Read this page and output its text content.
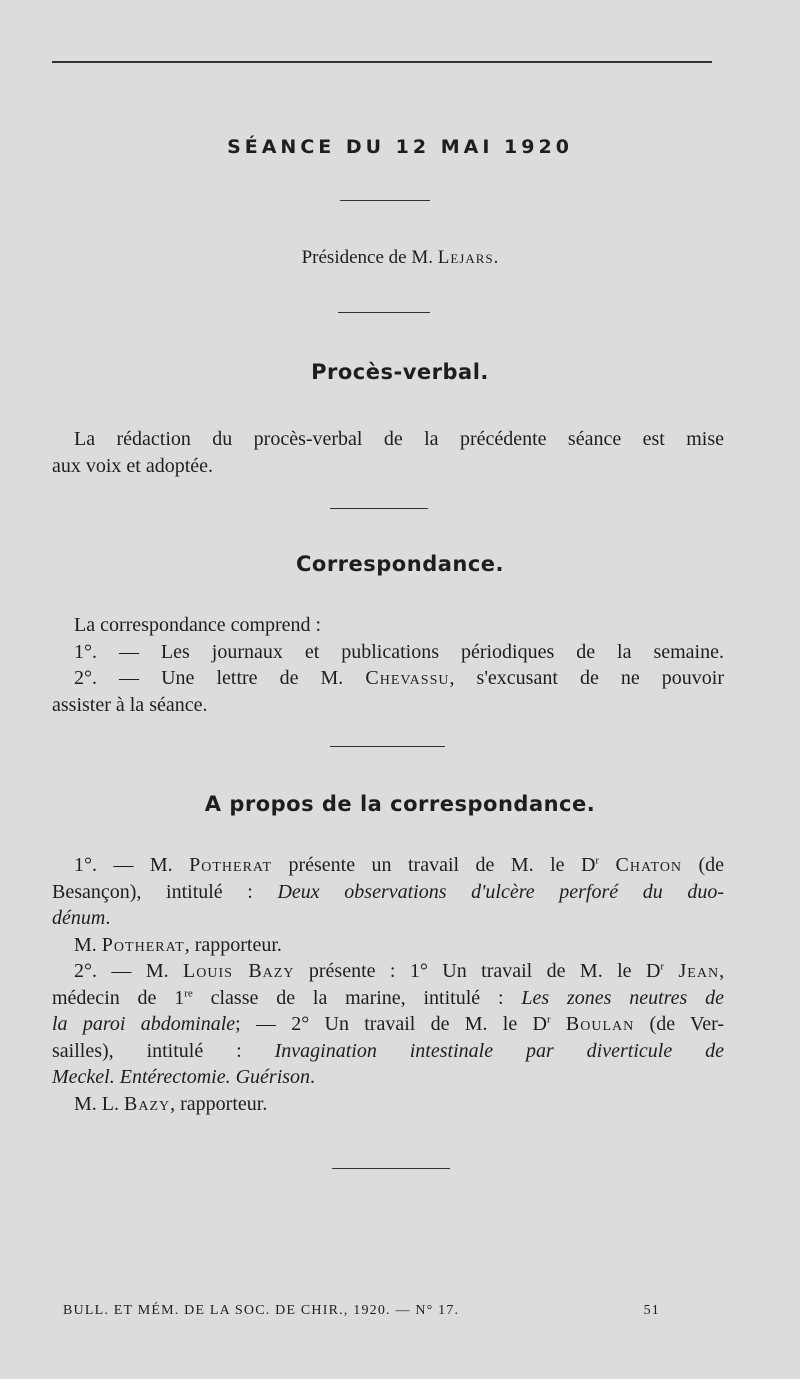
SÉANCE DU 12 MAI 1920
Présidence de M. Lejars.
Procès-verbal.
La rédaction du procès-verbal de la précédente séance est mise
aux voix et adoptée.
Correspondance.
La correspondance comprend :
1°. — Les journaux et publications périodiques de la semaine.
2°. — Une lettre de M. Chevassu, s'excusant de ne pouvoir
assister à la séance.
A propos de la correspondance.
1°. — M. Potherat présente un travail de M. le $D^r$ Chaton (de
Besançon), intitulé : Deux observations d'ulcère perforé du duo-
dénum.
M. Potherat, rapporteur.
2°. — M. Louis Bazy présente : 1° Un travail de M. le $D^r$ Jean,
médecin de 1re classe de la marine, intitulé : Les zones neutres de
la paroi abdominale; — 2° Un travail de M. le $D^r$ Boulan (de Ver-
sailles), intitulé : Invagination intestinale par diverticule de
Meckel. Entérectomie. Guérison.
M. L. Bazy, rapporteur.
BULL. ET MÉM. DE LA SOC. DE CHIR., 1920. — N° 17.	51
